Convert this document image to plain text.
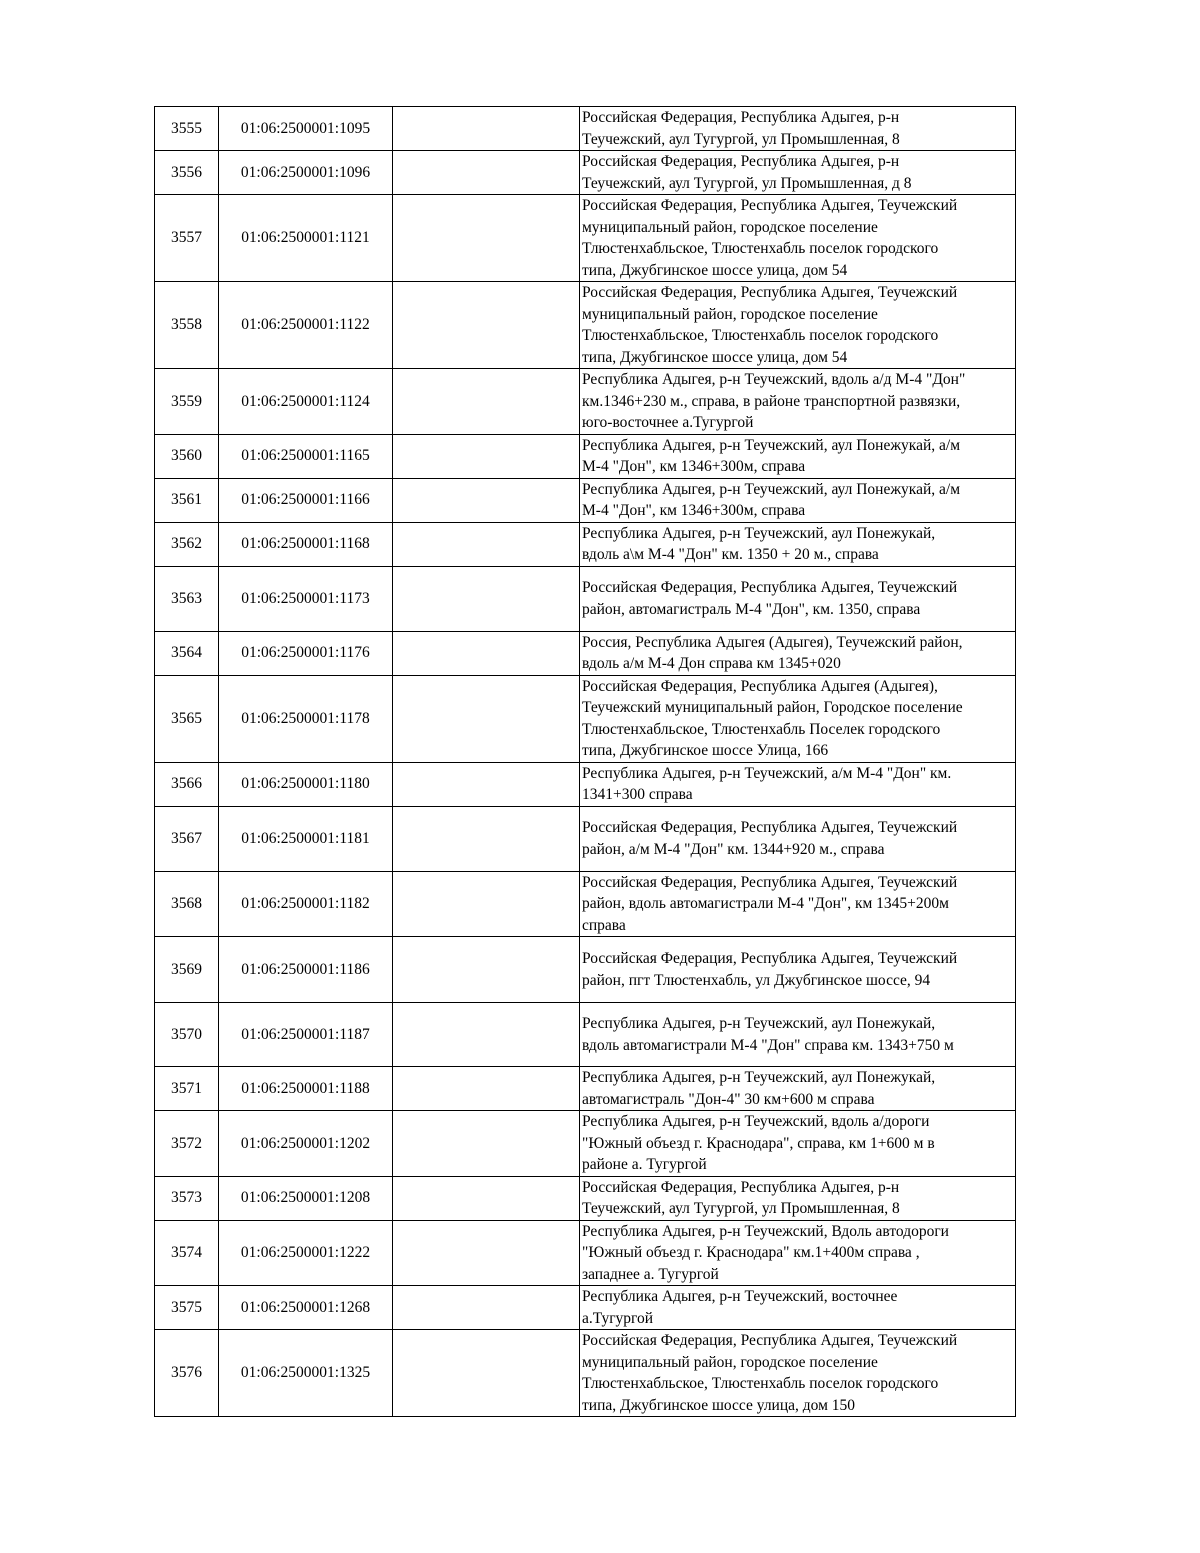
3555	01:06:2500001:1095		Российская Федерация, Республика Адыгея, р-н
Теучежский, аул Тугургой, ул Промышленная, 8

3556	01:06:2500001:1096		Российская Федерация, Республика Адыгея, р-н
Теучежский, аул Тугургой, ул Промышленная, д 8

3557	01:06:2500001:1121		Российская Федерация, Республика Адыгея, Теучежский
муниципальный район, городское поселение
Тлюстенхабльское, Тлюстенхабль поселок городского
типа, Джубгинское шоссе улица, дом 54

3558	01:06:2500001:1122		Российская Федерация, Республика Адыгея, Теучежский
муниципальный район, городское поселение
Тлюстенхабльское, Тлюстенхабль поселок городского
типа, Джубгинское шоссе улица, дом 54

3559	01:06:2500001:1124		Республика Адыгея, р-н Теучежский, вдоль а/д М-4 "Дон"
км.1346+230 м., справа, в районе транспортной развязки,
юго-восточнее а.Тугургой

3560	01:06:2500001:1165		Республика Адыгея, р-н Теучежский, аул Понежукай, а/м
М-4 "Дон", км 1346+300м, справа

3561	01:06:2500001:1166		Республика Адыгея, р-н Теучежский, аул Понежукай, а/м
М-4 "Дон", км 1346+300м, справа

3562	01:06:2500001:1168		Республика Адыгея, р-н Теучежский, аул Понежукай,
вдоль а\м М-4 "Дон" км. 1350 + 20 м., справа

3563	01:06:2500001:1173		Российская Федерация, Республика Адыгея, Теучежский
район, автомагистраль М-4 "Дон", км. 1350, справа

3564	01:06:2500001:1176		Россия, Республика Адыгея (Адыгея), Теучежский район,
вдоль а/м М-4 Дон справа км 1345+020

3565	01:06:2500001:1178		Российская Федерация, Республика Адыгея (Адыгея),
Теучежский муниципальный район, Городское поселение
Тлюстенхабльское, Тлюстенхабль Поселек городского
типа, Джубгинское шоссе Улица, 166

3566	01:06:2500001:1180		Республика Адыгея, р-н Теучежский, а/м М-4 "Дон" км.
1341+300 справа

3567	01:06:2500001:1181		Российская Федерация, Республика Адыгея, Теучежский
район, а/м М-4 "Дон" км. 1344+920 м., справа

3568	01:06:2500001:1182		Российская Федерация, Республика Адыгея, Теучежский
район, вдоль автомагистрали М-4 "Дон", км 1345+200м
справа

3569	01:06:2500001:1186		Российская Федерация, Республика Адыгея, Теучежский
район, пгт Тлюстенхабль, ул Джубгинское шоссе, 94

3570	01:06:2500001:1187		Республика Адыгея, р-н Теучежский, аул Понежукай,
вдоль автомагистрали М-4 "Дон" справа км. 1343+750 м

3571	01:06:2500001:1188		Республика Адыгея, р-н Теучежский, аул Понежукай,
автомагистраль "Дон-4" 30 км+600 м справа

3572	01:06:2500001:1202		Республика Адыгея, р-н Теучежский, вдоль а/дороги
"Южный объезд г. Краснодара", справа, км 1+600 м в
районе а. Тугургой

3573	01:06:2500001:1208		Российская Федерация, Республика Адыгея, р-н
Теучежский, аул Тугургой, ул Промышленная, 8

3574	01:06:2500001:1222		Республика Адыгея, р-н Теучежский, Вдоль автодороги
"Южный объезд г. Краснодара" км.1+400м справа ,
западнее а. Тугургой

3575	01:06:2500001:1268		Республика Адыгея, р-н Теучежский, восточнее
а.Тугургой

3576	01:06:2500001:1325		Российская Федерация, Республика Адыгея, Теучежский
муниципальный район, городское поселение
Тлюстенхабльское, Тлюстенхабль поселок городского
типа, Джубгинское шоссе улица, дом 150
